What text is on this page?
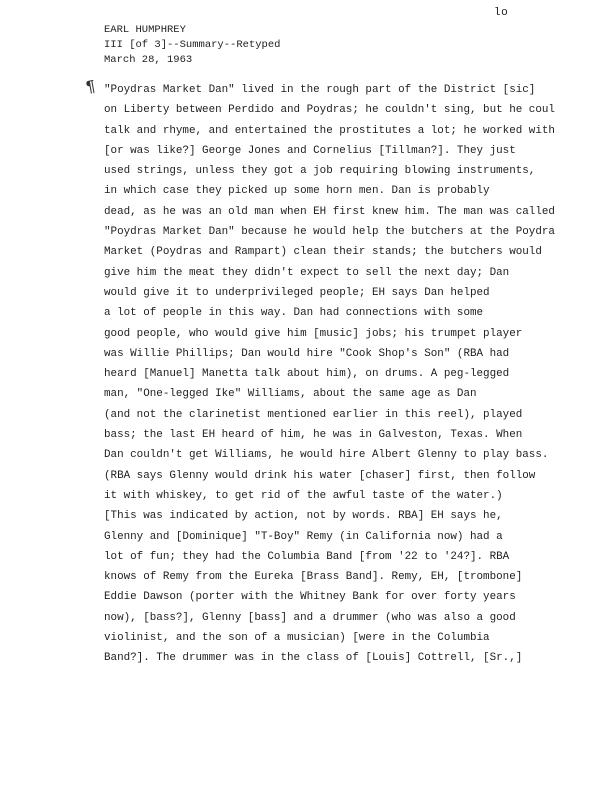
lo
EARL HUMPHREY
III [of 3]--Summary--Retyped
March 28, 1963
¶ "Poydras Market Dan" lived in the rough part of the District [sic]
on Liberty between Perdido and Poydras; he couldn't sing, but he coul
talk and rhyme, and entertained the prostitutes a lot; he worked with
[or was like?] George Jones and Cornelius [Tillman?]. They just
used strings, unless they got a job requiring blowing instruments,
in which case they picked up some horn men. Dan is probably
dead, as he was an old man when EH first knew him. The man was called
"Poydras Market Dan" because he would help the butchers at the Poydra
Market (Poydras and Rampart) clean their stands; the butchers would
give him the meat they didn't expect to sell the next day; Dan
would give it to underprivileged people; EH says Dan helped
a lot of people in this way. Dan had connections with some
good people, who would give him [music] jobs; his trumpet player
was Willie Phillips; Dan would hire "Cook Shop's Son" (RBA had
heard [Manuel] Manetta talk about him), on drums. A peg-legged
man, "One-legged Ike" Williams, about the same age as Dan
(and not the clarinetist mentioned earlier in this reel), played
bass; the last EH heard of him, he was in Galveston, Texas. When
Dan couldn't get Williams, he would hire Albert Glenny to play bass.
(RBA says Glenny would drink his water [chaser] first, then follow
it with whiskey, to get rid of the awful taste of the water.)
[This was indicated by action, not by words. RBA] EH says he,
Glenny and [Dominique] "T-Boy" Remy (in California now) had a
lot of fun; they had the Columbia Band [from '22 to '24?]. RBA
knows of Remy from the Eureka [Brass Band]. Remy, EH, [trombone]
Eddie Dawson (porter with the Whitney Bank for over forty years
now), [bass?], Glenny [bass] and a drummer (who was also a good
violinist, and the son of a musician) [were in the Columbia
Band?]. The drummer was in the class of [Louis] Cottrell, [Sr.,]
